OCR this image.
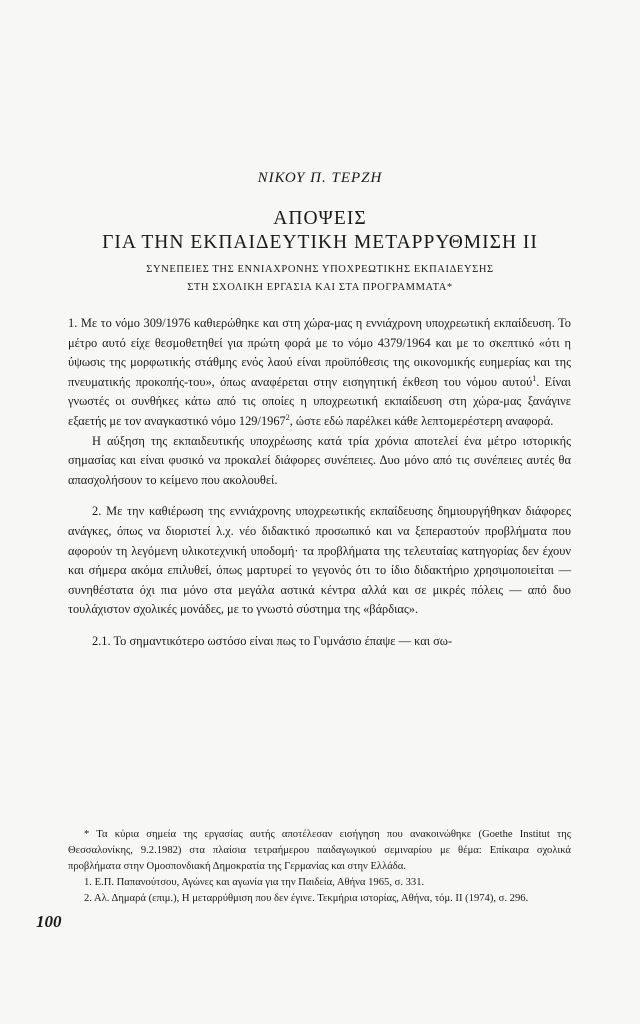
ΝΙΚΟΥ Π. ΤΕΡΖΗ
ΑΠΟΨΕΙΣ
ΓΙΑ ΤΗΝ ΕΚΠΑΙΔΕΥΤΙΚΗ ΜΕΤΑΡΡΥΘΜΙΣΗ II
ΣΥΝΕΠΕΙΕΣ ΤΗΣ ΕΝΝΙΑΧΡΟΝΗΣ ΥΠΟΧΡΕΩΤΙΚΗΣ ΕΚΠΑΙΔΕΥΣΗΣ
ΣΤΗ ΣΧΟΛΙΚΗ ΕΡΓΑΣΙΑ ΚΑΙ ΣΤΑ ΠΡΟΓΡΑΜΜΑΤΑ*

1. Με το νόμο 309/1976 καθιερώθηκε και στη χώρα-μας η εννιάχρονη υποχρεωτική εκπαίδευση. Το μέτρο αυτό είχε θεσμοθετηθεί για πρώτη φορά με το νόμο 4379/1964 και με το σκεπτικό «ότι η ύψωσις της μορφωτικής στάθμης ενός λαού είναι προϋπόθεσις της οικονομικής ευημερίας και της πνευματικής προκοπής-του», όπως αναφέρεται στην εισηγητική έκθεση του νόμου αυτού$^1$. Είναι γνωστές οι συνθήκες κάτω από τις οποίες η υποχρεωτική εκπαίδευση στη χώρα-μας ξανάγινε εξαετής με τον αναγκαστικό νόμο 129/1967$^2$, ώστε εδώ παρέλκει κάθε λεπτομερέστερη αναφορά.

Η αύξηση της εκπαιδευτικής υποχρέωσης κατά τρία χρόνια αποτελεί ένα μέτρο ιστορικής σημασίας και είναι φυσικό να προκαλεί διάφορες συνέπειες. Δυο μόνο από τις συνέπειες αυτές θα απασχολήσουν το κείμενο που ακολουθεί.

2. Με την καθιέρωση της εννιάχρονης υποχρεωτικής εκπαίδευσης δημιουργήθηκαν διάφορες ανάγκες, όπως να διοριστεί λ.χ. νέο διδακτικό προσωπικό και να ξεπεραστούν προβλήματα που αφορούν τη λεγόμενη υλικοτεχνική υποδομή· τα προβλήματα της τελευταίας κατηγορίας δεν έχουν και σήμερα ακόμα επιλυθεί, όπως μαρτυρεί το γεγονός ότι το ίδιο διδακτήριο χρησιμοποιείται — συνηθέστατα όχι πια μόνο στα μεγάλα αστικά κέντρα αλλά και σε μικρές πόλεις — από δυο τουλάχιστον σχολικές μονάδες, με το γνωστό σύστημα της «βάρδιας».

2.1. Το σημαντικότερο ωστόσο είναι πως το Γυμνάσιο έπαψε — και σω-

* Τα κύρια σημεία της εργασίας αυτής αποτέλεσαν εισήγηση που ανακοινώθηκε (Goethe Institut της Θεσσαλονίκης, 9.2.1982) στα πλαίσια τετραήμερου παιδαγωγικού σεμιναρίου με θέμα: Επίκαιρα σχολικά προβλήματα στην Ομοσπονδιακή Δημοκρατία της Γερμανίας και στην Ελλάδα.

1. Ε.Π. Παπανούτσου, Αγώνες και αγωνία για την Παιδεία, Αθήνα 1965, σ. 331.

2. Αλ. Δημαρά (επιμ.), Η μεταρρύθμιση που δεν έγινε. Τεκμήρια ιστορίας, Αθήνα, τόμ. II (1974), σ. 296.

100
